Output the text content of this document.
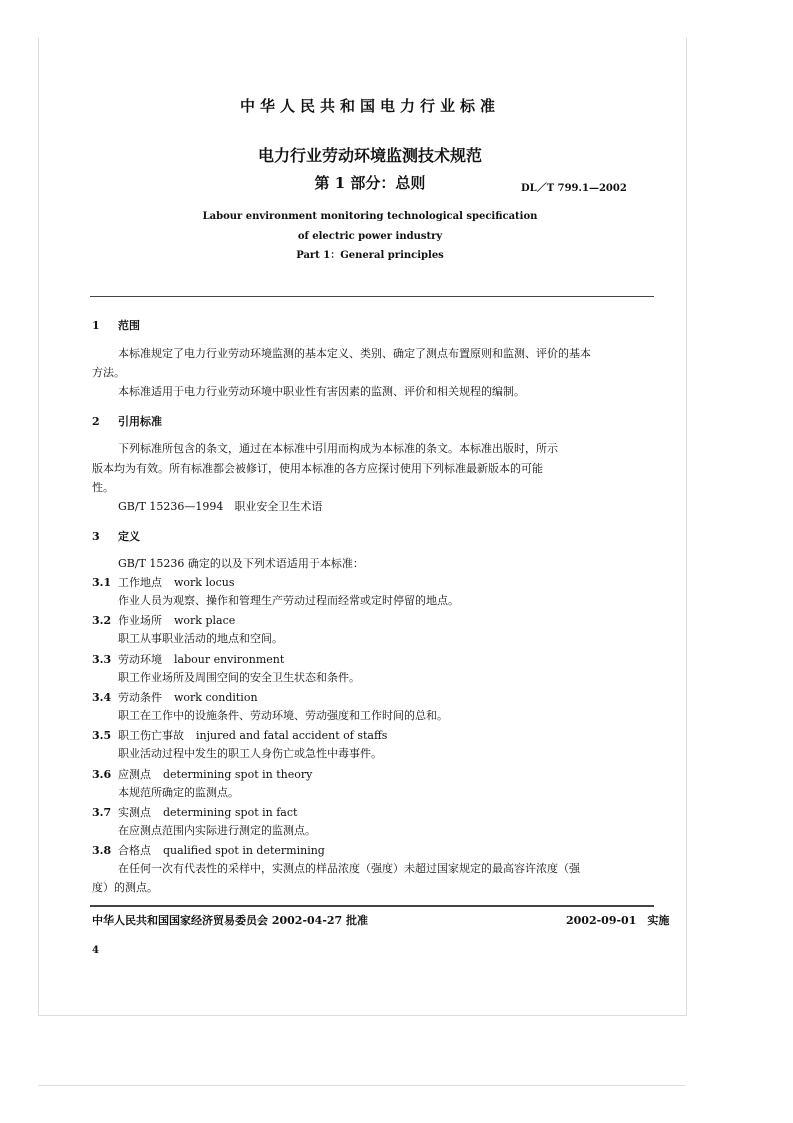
中华人民共和国电力行业标准
电力行业劳动环境监测技术规范
第 1 部分：总则	DL／T 799.1—2002
Labour environment monitoring technological specification
of electric power industry
Part 1：General principles
1 范围
本标准规定了电力行业劳动环境监测的基本定义、类别、确定了测点布置原则和监测、评价的基本
方法。
本标准适用于电力行业劳动环境中职业性有害因素的监测、评价和相关规程的编制。
2 引用标准
下列标准所包含的条文，通过在本标准中引用而构成为本标准的条文。本标准出版时，所示
版本均为有效。所有标准都会被修订，使用本标准的各方应探讨使用下列标准最新版本的可能
性。
GB/T 15236—1994　职业安全卫生术语
3 定义
GB/T 15236 确定的以及下列术语适用于本标准：
3.1 工作地点 work locus
作业人员为观察、操作和管理生产劳动过程而经常或定时停留的地点。
3.2 作业场所 work place
职工从事职业活动的地点和空间。
3.3 劳动环境 labour environment
职工作业场所及周围空间的安全卫生状态和条件。
3.4 劳动条件 work condition
职工在工作中的设施条件、劳动环境、劳动强度和工作时间的总和。
3.5 职工伤亡事故 injured and fatal accident of staffs
职业活动过程中发生的职工人身伤亡或急性中毒事件。
3.6 应测点 determining spot in theory
本规范所确定的监测点。
3.7 实测点 determining spot in fact
在应测点范围内实际进行测定的监测点。
3.8 合格点 qualified spot in determining
在任何一次有代表性的采样中，实测点的样品浓度（强度）未超过国家规定的最高容许浓度（强
度）的测点。
中华人民共和国国家经济贸易委员会 2002-04-27 批准	2002-09-01　实施
4
